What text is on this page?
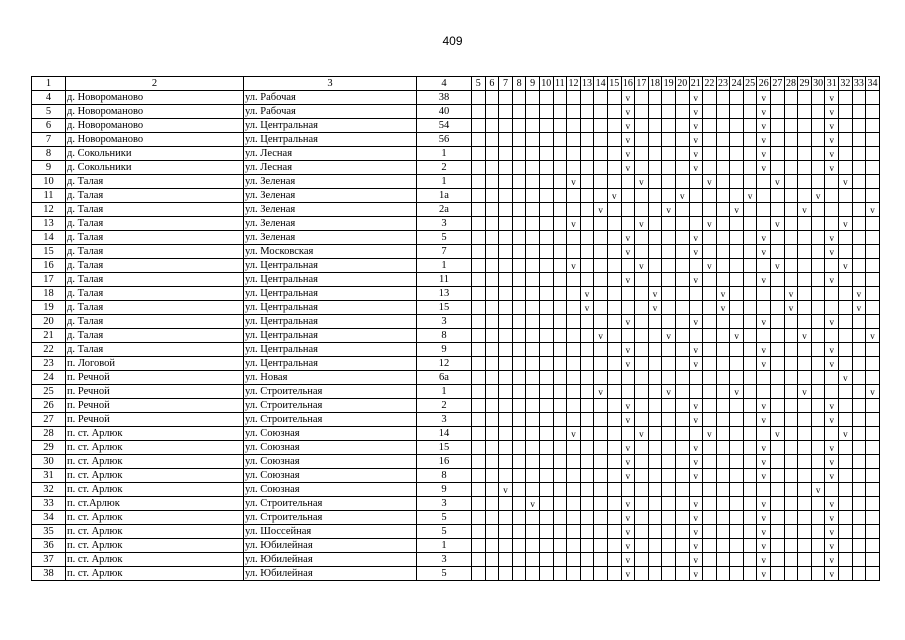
409
1	2	3	4	5	6	7	8	9	10	11	12	13	14	15	16	17	18	19	20	21	22	23	24	25	26	27	28	29	30	31	32	33	34
4	д. Новоромановo	ул. Рабочая	38												v					v					v					v			
5	д. Новоромановo	ул. Рабочая	40												v					v					v					v			
6	д. Новоромановo	ул. Центральная	54												v					v					v					v			
7	д. Новоромановo	ул. Центральная	56												v					v					v					v			
8	д. Сокольники	ул. Лесная	1												v					v					v					v			
9	д. Сокольники	ул. Лесная	2												v					v					v					v			
10	д. Талая	ул. Зеленая	1								v					v					v					v					v		
11	д. Талая	ул. Зеленая	1а											v					v					v					v				
12	д. Талая	ул. Зеленая	2а										v					v					v					v					v
13	д. Талая	ул. Зеленая	3								v					v					v					v					v		
14	д. Талая	ул. Зеленая	5												v					v					v					v			
15	д. Талая	ул. Московская	7												v					v					v					v			
16	д. Талая	ул. Центральная	1								v					v					v					v					v		
17	д. Талая	ул. Центральная	11												v					v					v					v			
18	д. Талая	ул. Центральная	13									v					v					v					v					v	
19	д. Талая	ул. Центральная	15									v					v					v					v					v	
20	д. Талая	ул. Центральная	3												v					v					v					v			
21	д. Талая	ул. Центральная	8										v					v					v					v					v
22	д. Талая	ул. Центральная	9												v					v					v					v			
23	п. Логовой	ул. Центральная	12												v					v					v					v			
24	п. Речной	ул. Новая	6а																												v		
25	п. Речной	ул. Строительная	1										v					v					v					v					v
26	п. Речной	ул. Строительная	2												v					v					v					v			
27	п. Речной	ул. Строительная	3												v					v					v					v			
28	п. ст. Арлюк	ул. Союзная	14								v					v					v					v					v		
29	п. ст. Арлюк	ул. Союзная	15												v					v					v					v			
30	п. ст. Арлюк	ул. Союзная	16												v					v					v					v			
31	п. ст. Арлюк	ул. Союзная	8												v					v					v					v			
32	п. ст. Арлюк	ул. Союзная	9			v																							v				
33	п. ст.Арлюк	ул. Строительная	3					v							v					v					v					v			
34	п. ст. Арлюк	ул. Строительная	5												v					v					v					v			
35	п. ст. Арлюк	ул. Шоссейная	5												v					v					v					v			
36	п. ст. Арлюк	ул. Юбилейная	1												v					v					v					v			
37	п. ст. Арлюк	ул. Юбилейная	3												v					v					v					v			
38	п. ст. Арлюк	ул. Юбилейная	5												v					v					v					v			
